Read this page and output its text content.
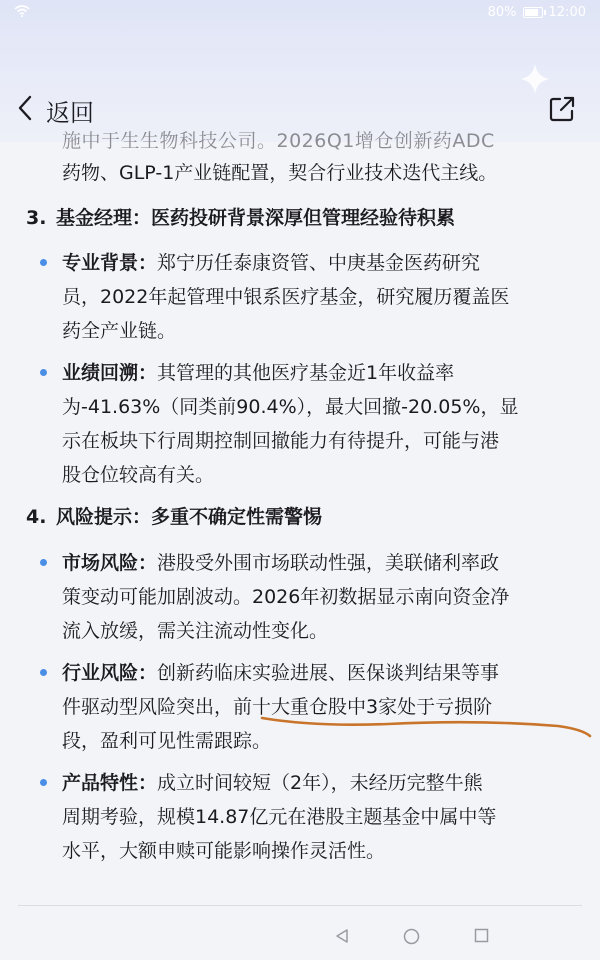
80% 12:00
返回
施中于生生物科技公司。2026Q1增仓创新药ADC
药物、GLP-1产业链配置，契合行业技术迭代主线。
3. 基金经理：医药投研背景深厚但管理经验待积累
专业背景：郑宁历任泰康资管、中庚基金医药研究
员，2022年起管理中银系医疗基金，研究履历覆盖医
药全产业链。
业绩回溯：其管理的其他医疗基金近1年收益率
为-41.63%（同类前90.4%），最大回撤-20.05%，显
示在板块下行周期控制回撤能力有待提升，可能与港
股仓位较高有关。
4. 风险提示：多重不确定性需警惕
市场风险：港股受外围市场联动性强，美联储利率政
策变动可能加剧波动。2026年初数据显示南向资金净
流入放缓，需关注流动性变化。
行业风险：创新药临床实验进展、医保谈判结果等事
件驱动型风险突出，前十大重仓股中3家处于亏损阶
段，盈利可见性需跟踪。
产品特性：成立时间较短（2年），未经历完整牛熊
周期考验，规模14.87亿元在港股主题基金中属中等
水平，大额申赎可能影响操作灵活性。
